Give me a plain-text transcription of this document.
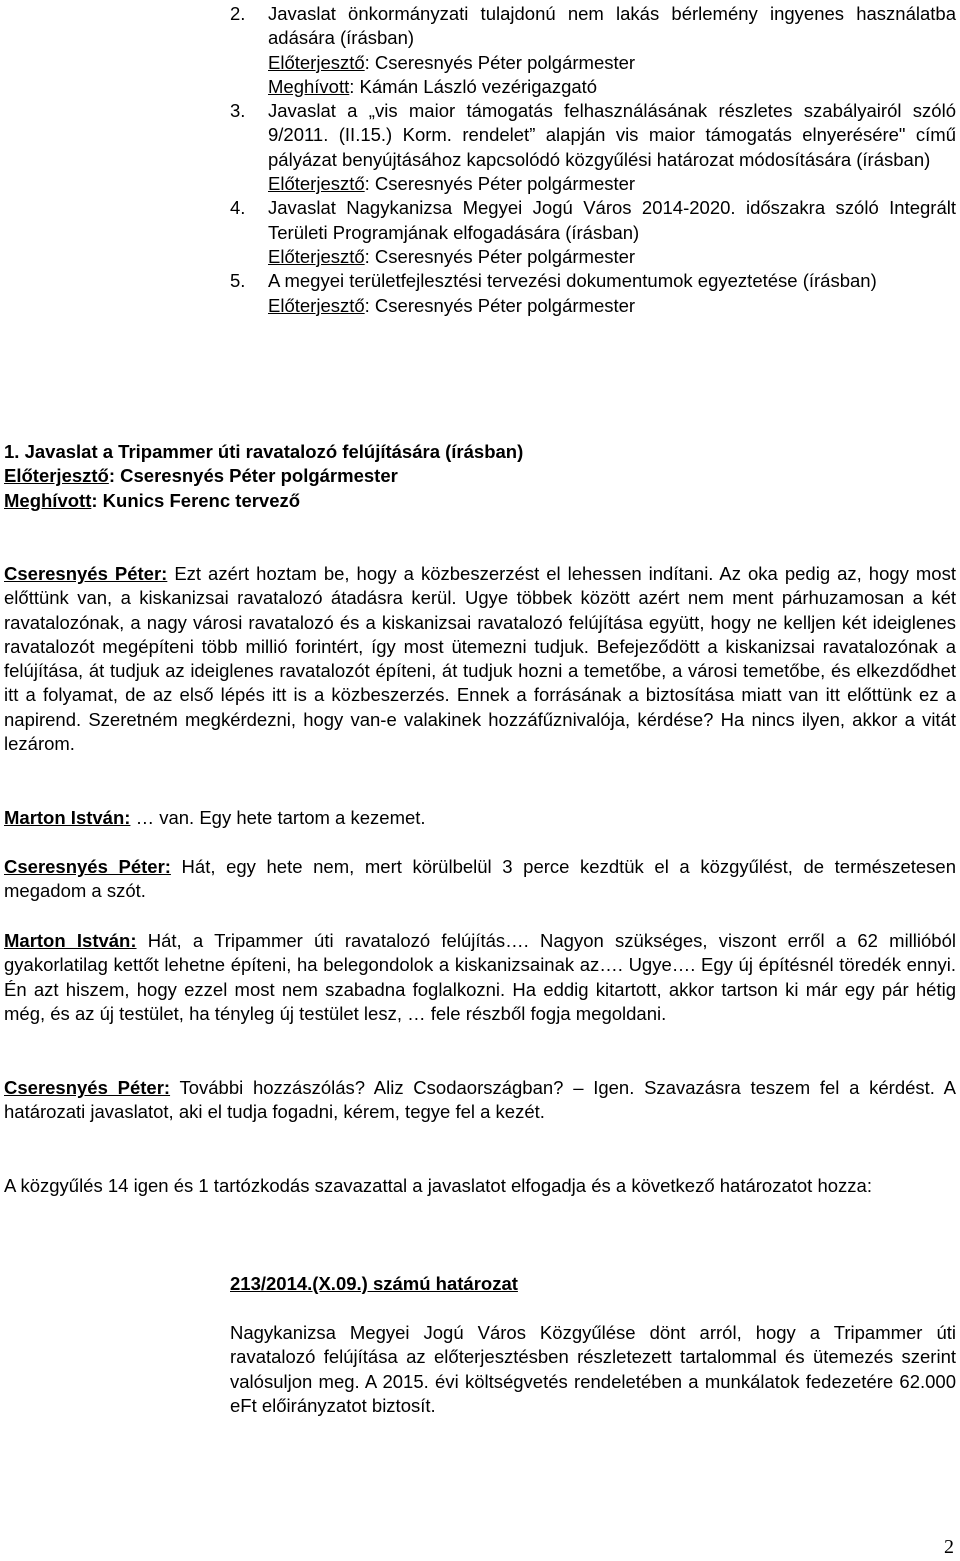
2. Javaslat önkormányzati tulajdonú nem lakás bérlemény ingyenes használatba adására (írásban)
Előterjesztő: Cseresnyés Péter polgármester
Meghívott: Kámán László vezérigazgató
3. Javaslat a „vis maior támogatás felhasználásának részletes szabályairól szóló 9/2011. (II.15.) Korm. rendelet” alapján vis maior támogatás elnyerésére" című pályázat benyújtásához kapcsolódó közgyűlési határozat módosítására (írásban)
Előterjesztő: Cseresnyés Péter polgármester
4. Javaslat Nagykanizsa Megyei Jogú Város 2014-2020. időszakra szóló Integrált Területi Programjának elfogadására (írásban)
Előterjesztő: Cseresnyés Péter polgármester
5. A megyei területfejlesztési tervezési dokumentumok egyeztetése (írásban)
Előterjesztő: Cseresnyés Péter polgármester
1. Javaslat a Tripammer úti ravatalozó felújítására (írásban)
Előterjesztő: Cseresnyés Péter polgármester
Meghívott: Kunics Ferenc tervező

Cseresnyés Péter: Ezt azért hoztam be, hogy a közbeszerzést el lehessen indítani. Az oka pedig az, hogy most előttünk van, a kiskanizsai ravatalozó átadásra kerül. Ugye többek között azért nem ment párhuzamosan a két ravatalozónak, a nagy városi ravatalozó és a kiskanizsai ravatalozó felújítása együtt, hogy ne kelljen két ideiglenes ravatalozót megépíteni több millió forintért, így most ütemezni tudjuk. Befejeződött a kiskanizsai ravatalozónak a felújítása, át tudjuk az ideiglenes ravatalozót építeni, át tudjuk hozni a temetőbe, a városi temetőbe, és elkezdődhet itt a folyamat, de az első lépés itt is a közbeszerzés. Ennek a forrásának a biztosítása miatt van itt előttünk ez a napirend. Szeretném megkérdezni, hogy van-e valakinek hozzáfűznivalója, kérdése? Ha nincs ilyen, akkor a vitát lezárom.

Marton István: … van. Egy hete tartom a kezemet.

Cseresnyés Péter: Hát, egy hete nem, mert körülbelül 3 perce kezdtük el a közgyűlést, de természetesen megadom a szót.

Marton István: Hát, a Tripammer úti ravatalozó felújítás…. Nagyon szükséges, viszont erről a 62 millióból gyakorlatilag kettőt lehetne építeni, ha belegondolok a kiskanizsainak az…. Ugye…. Egy új építésnél töredék ennyi. Én azt hiszem, hogy ezzel most nem szabadna foglalkozni. Ha eddig kitartott, akkor tartson ki már egy pár hétig még, és az új testület, ha tényleg új testület lesz, … fele részből fogja megoldani.

Cseresnyés Péter: További hozzászólás? Aliz Csodaországban? – Igen. Szavazásra teszem fel a kérdést. A határozati javaslatot, aki el tudja fogadni, kérem, tegye fel a kezét.

A közgyűlés 14 igen és 1 tartózkodás szavazattal a javaslatot elfogadja és a következő határozatot hozza:
213/2014.(X.09.) számú határozat
Nagykanizsa Megyei Jogú Város Közgyűlése dönt arról, hogy a Tripammer úti ravatalozó felújítása az előterjesztésben részletezett tartalommal és ütemezés szerint valósuljon meg. A 2015. évi költségvetés rendeletében a munkálatok fedezetére 62.000 eFt előirányzatot biztosít.
2
